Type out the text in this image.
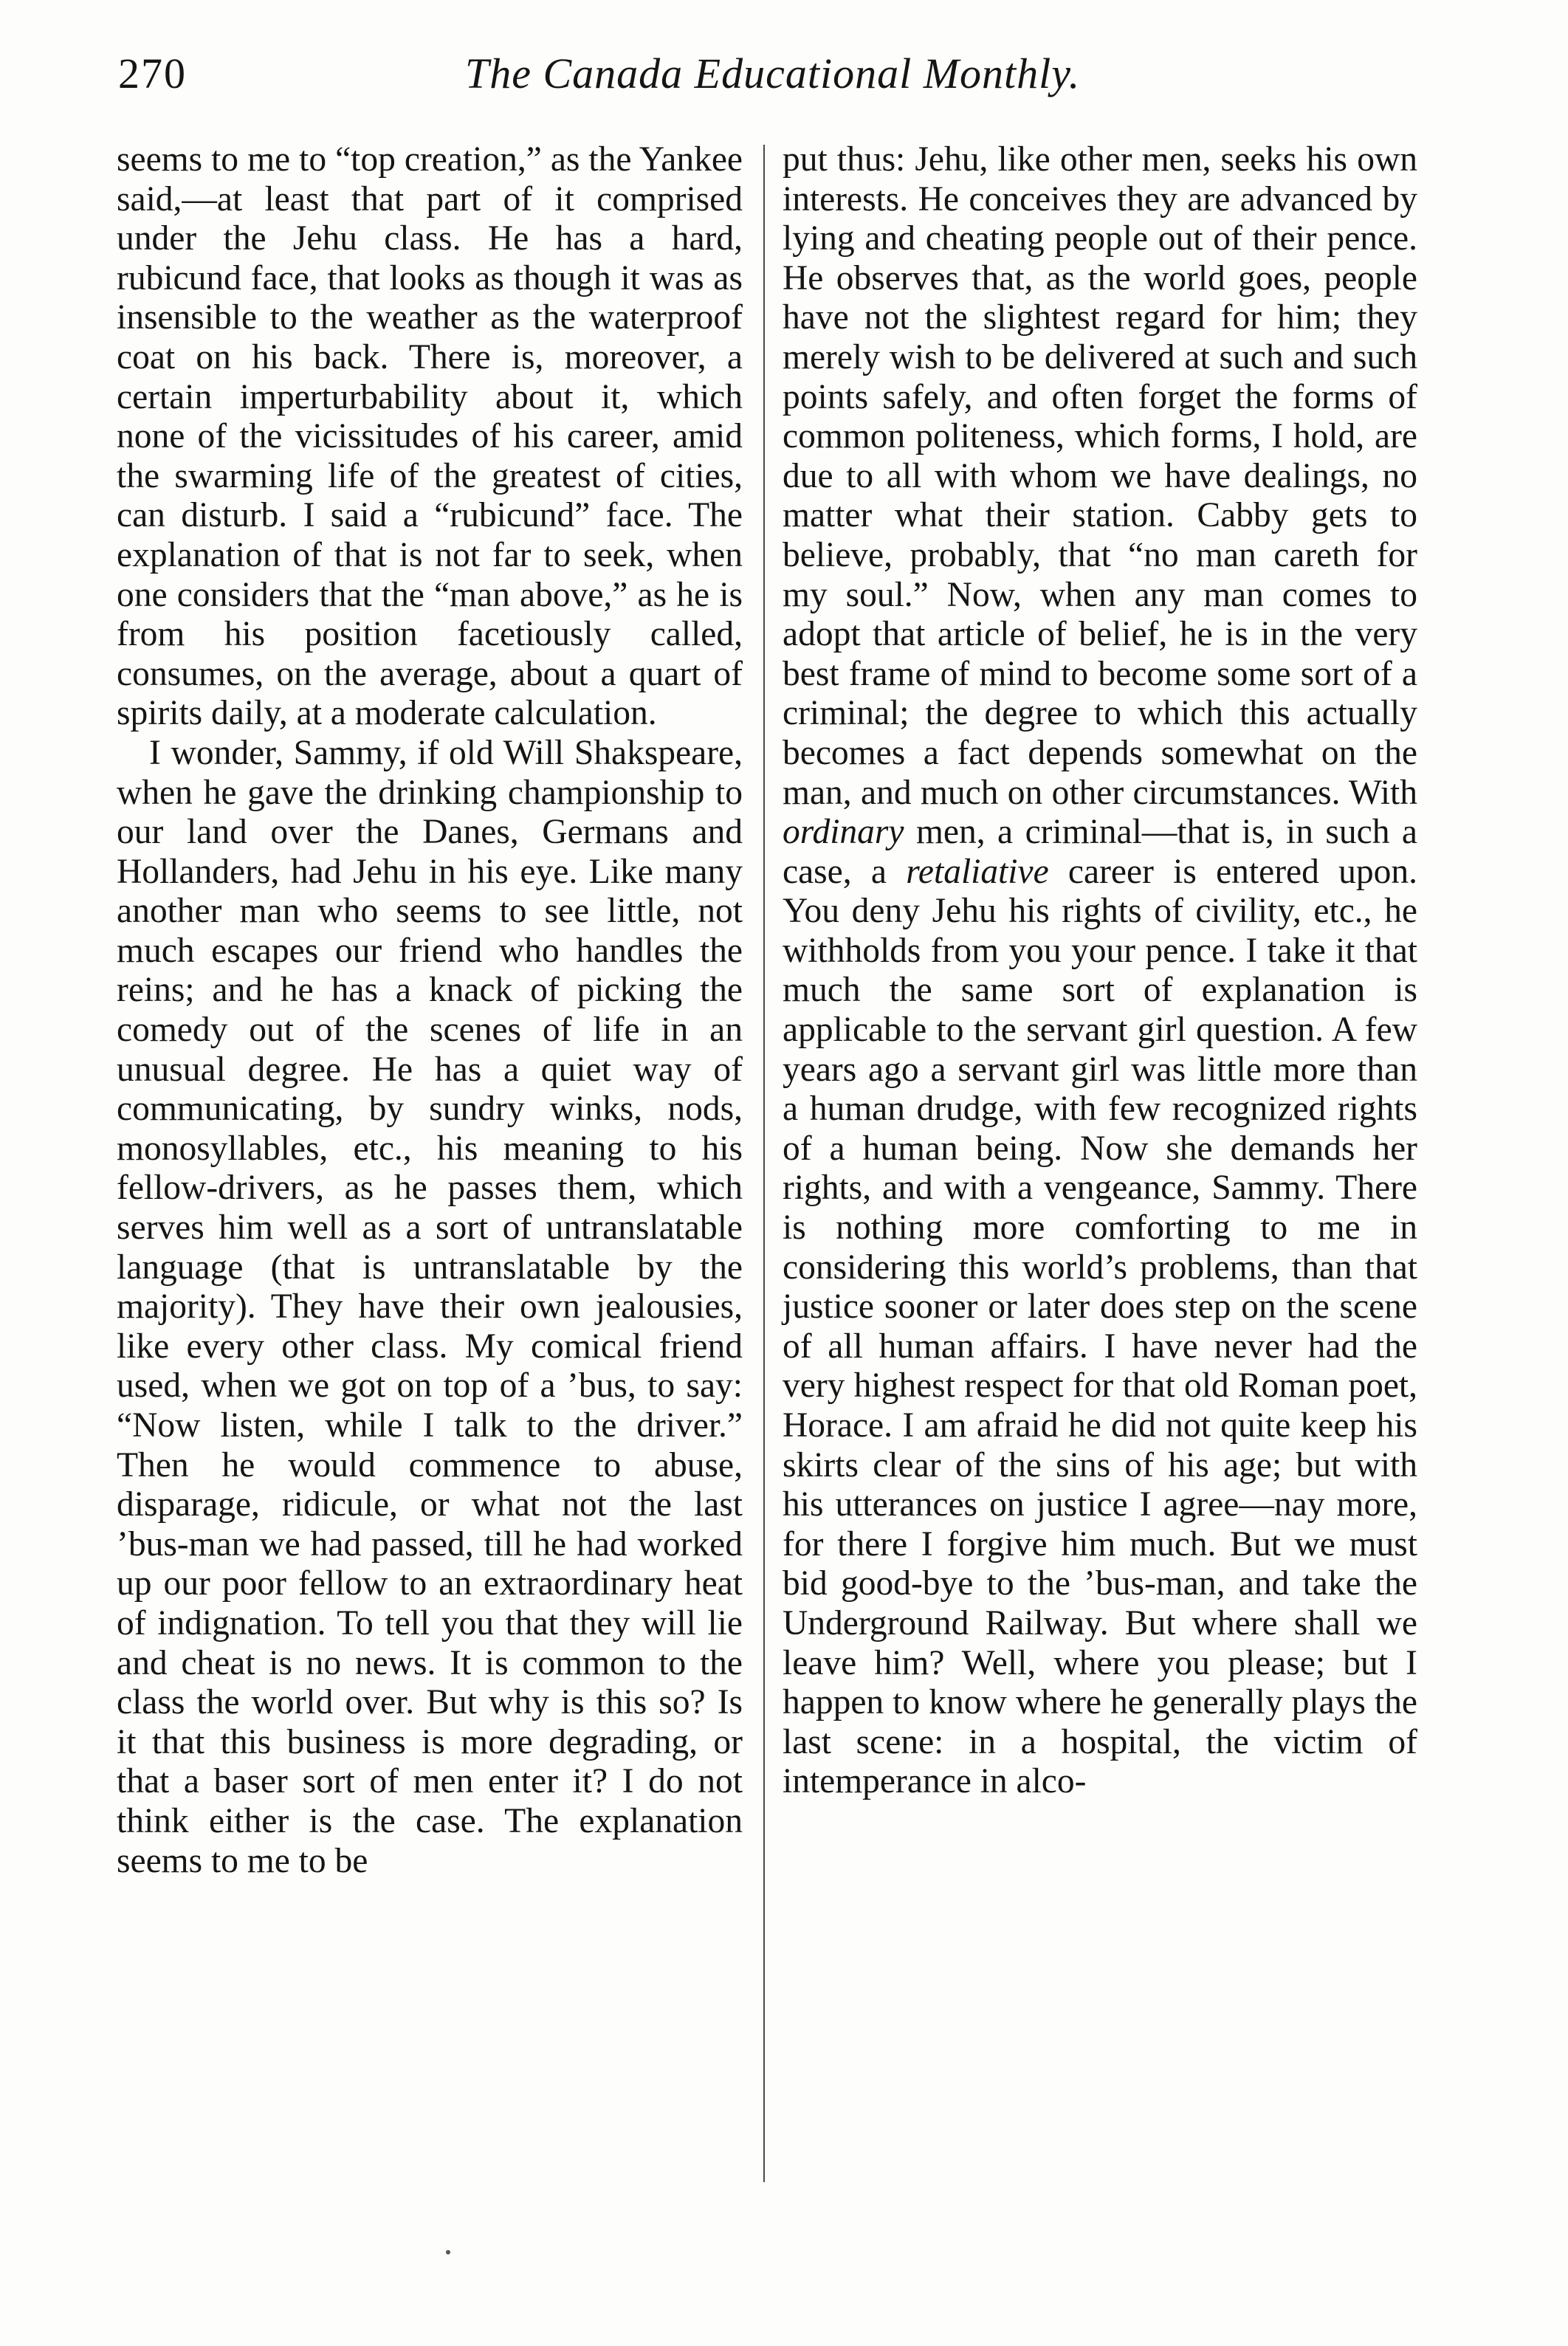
270	The Canada Educational Monthly.

seems to me to “top creation,” as the Yankee said,—at least that part of it comprised under the Jehu class. He has a hard, rubicund face, that looks as though it was as insensible to the weather as the waterproof coat on his back. There is, moreover, a certain imperturbability about it, which none of the vicissitudes of his career, amid the swarming life of the greatest of cities, can disturb. I said a “rubicund” face. The explanation of that is not far to seek, when one considers that the “man above,” as he is from his position facetiously called, consumes, on the average, about a quart of spirits daily, at a moderate calculation.

I wonder, Sammy, if old Will Shakspeare, when he gave the drinking championship to our land over the Danes, Germans and Hollanders, had Jehu in his eye. Like many another man who seems to see little, not much escapes our friend who handles the reins; and he has a knack of picking the comedy out of the scenes of life in an unusual degree. He has a quiet way of communicating, by sundry winks, nods, monosyllables, etc., his meaning to his fellow-drivers, as he passes them, which serves him well as a sort of untranslatable language (that is untranslatable by the majority). They have their own jealousies, like every other class. My comical friend used, when we got on top of a ’bus, to say: “Now listen, while I talk to the driver.” Then he would commence to abuse, disparage, ridicule, or what not the last ’bus-man we had passed, till he had worked up our poor fellow to an extraordinary heat of indignation. To tell you that they will lie and cheat is no news. It is common to the class the world over. But why is this so? Is it that this business is more degrading, or that a baser sort of men enter it? I do not think either is the case. The explanation seems to me to be

put thus: Jehu, like other men, seeks his own interests. He conceives they are advanced by lying and cheating people out of their pence. He observes that, as the world goes, people have not the slightest regard for him; they merely wish to be delivered at such and such points safely, and often forget the forms of common politeness, which forms, I hold, are due to all with whom we have dealings, no matter what their station. Cabby gets to believe, probably, that “no man careth for my soul.” Now, when any man comes to adopt that article of belief, he is in the very best frame of mind to become some sort of a criminal; the degree to which this actually becomes a fact depends somewhat on the man, and much on other circumstances. With ordinary men, a criminal—that is, in such a case, a retaliative career is entered upon. You deny Jehu his rights of civility, etc., he withholds from you your pence. I take it that much the same sort of explanation is applicable to the servant girl question. A few years ago a servant girl was little more than a human drudge, with few recognized rights of a human being. Now she demands her rights, and with a vengeance, Sammy. There is nothing more comforting to me in considering this world’s problems, than that justice sooner or later does step on the scene of all human affairs. I have never had the very highest respect for that old Roman poet, Horace. I am afraid he did not quite keep his skirts clear of the sins of his age; but with his utterances on justice I agree—nay more, for there I forgive him much. But we must bid good-bye to the ’bus-man, and take the Underground Railway. But where shall we leave him? Well, where you please; but I happen to know where he generally plays the last scene: in a hospital, the victim of intemperance in alco-
